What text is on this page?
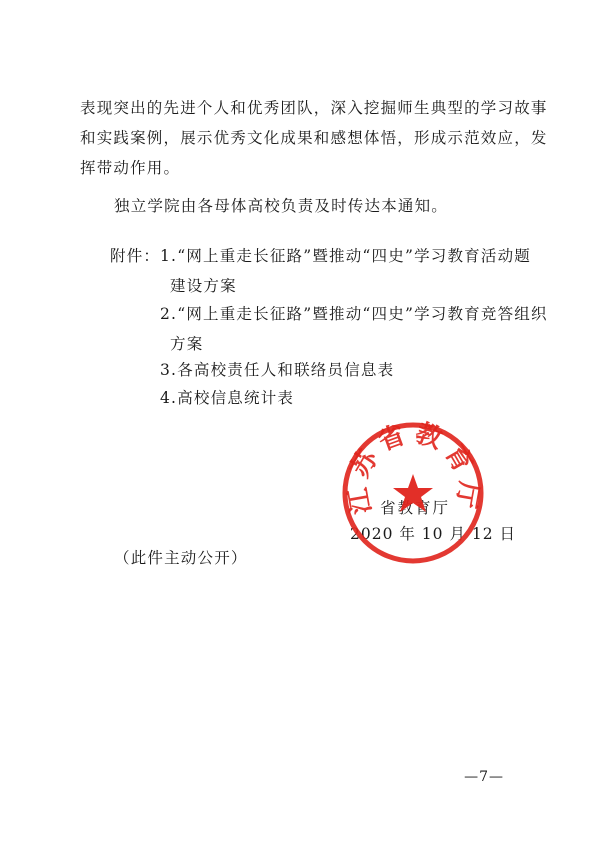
表现突出的先进个人和优秀团队，深入挖掘师生典型的学习故事
和实践案例，展示优秀文化成果和感想体悟，形成示范效应，发
挥带动作用。
独立学院由各母体高校负责及时传达本通知。
附件： 1.“网上重走长征路”暨推动“四史”学习教育活动题
建设方案
2.“网上重走长征路”暨推动“四史”学习教育竞答组织
方案
3.各高校责任人和联络员信息表
4.高校信息统计表
省教育厅
2020 年 10 月 12 日
江苏省教育厅
（此件主动公开）
—7—
